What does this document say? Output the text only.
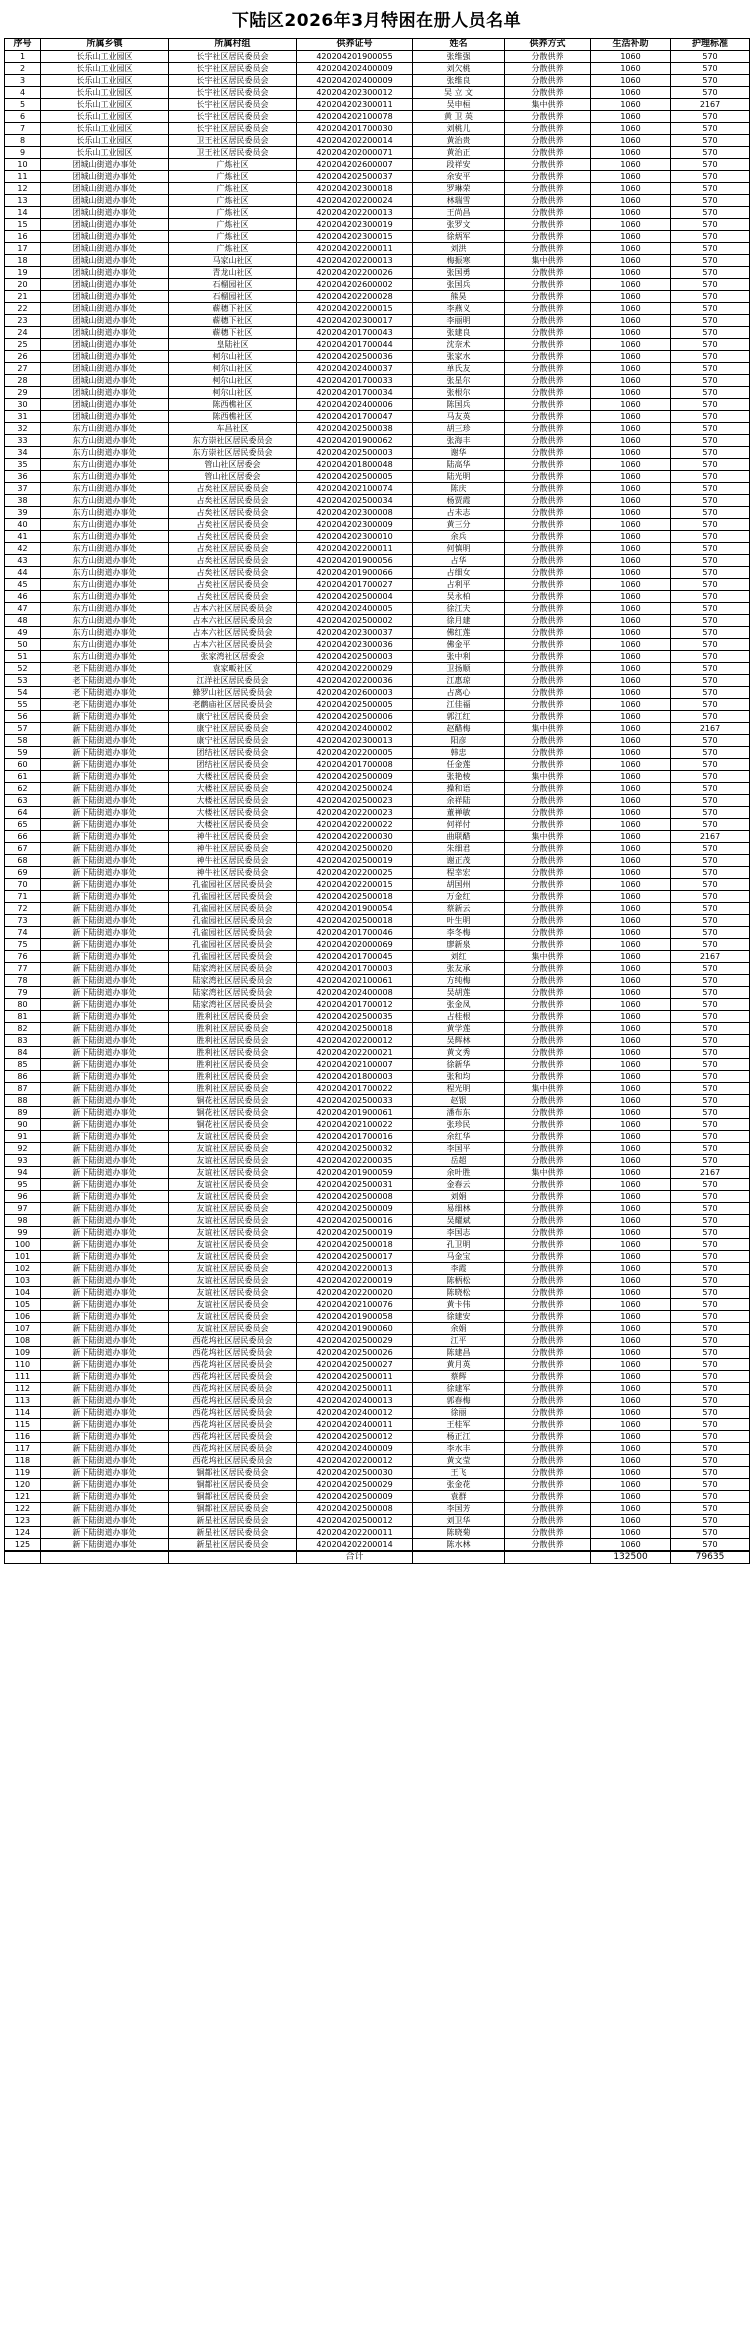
下陆区2026年3月特困在册人员名单
序号	所属乡镇	所属村组	供养证号	姓名	供养方式	生活补助	护理标准
1	长乐山工业园区	长宇社区居民委员会	4202042019000​55	张维强	分散供养	1060	570
2	长乐山工业园区	长宇社区居民委员会	420204202400009	刘欠桃	分散供养	1060	570
3	长乐山工业园区	长宇社区居民委员会	420204202400009	张维良	分散供养	1060	570
4	长乐山工业园区	长宇社区居民委员会	420204202300012	吴 立 文	分散供养	1060	570
5	长乐山工业园区	长宇社区居民委员会	420204202300011	吴申桓	集中供养	1060	2167
6	长乐山工业园区	长宇社区居民委员会	420204202100078	黄 卫 英	分散供养	1060	570
7	长乐山工业园区	长宇社区居民委员会	420204201700030	刘桃儿	分散供养	1060	570
8	长乐山工业园区	卫王社区居民委员会	420204202200014	黄治贵	分散供养	1060	570
9	长乐山工业园区	卫王社区居民委员会	420204202000071	黄治正	分散供养	1060	570
10	团城山街道办事处	广炼社区	420204202600007	段祥安	分散供养	1060	570
11	团城山街道办事处	广炼社区	420204202500037	余安平	分散供养	1060	570
12	团城山街道办事处	广炼社区	420204202300018	罗琳荣	分散供养	1060	570
13	团城山街道办事处	广炼社区	420204202200024	林瑞雪	分散供养	1060	570
14	团城山街道办事处	广炼社区	420204202200013	王尚昌	分散供养	1060	570
15	团城山街道办事处	广炼社区	420204202300019	张罗文	分散供养	1060	570
16	团城山街道办事处	广炼社区	420204202300015	徐炳军	分散供养	1060	570
17	团城山街道办事处	广炼社区	420204202200011	刘洪	分散供养	1060	570
18	团城山街道办事处	马家山社区	420204202200013	梅振寒	集中供养	1060	570
19	团城山街道办事处	青龙山社区	420204202200026	张国勇	分散供养	1060	570
20	团城山街道办事处	石榴园社区	420204202600002	张国兵	分散供养	1060	570
21	团城山街道办事处	石榴园社区	420204202200028	熊昊	分散供养	1060	570
22	团城山街道办事处	蕲穗下社区	420204202200015	李燕义	分散供养	1060	570
23	团城山街道办事处	蕲穗下社区	420204202300017	李丽明	分散供养	1060	570
24	团城山街道办事处	蕲穗下社区	420204201700043	张建良	分散供养	1060	570
25	团城山街道办事处	皇陆社区	420204201700044	沈奈术	分散供养	1060	570
26	团城山街道办事处	柯尔山社区	420204202500036	张家水	分散供养	1060	570
27	团城山街道办事处	柯尔山社区	420204202400037	单氏友	分散供养	1060	570
28	团城山街道办事处	柯尔山社区	420204201700033	张星尔	分散供养	1060	570
29	团城山街道办事处	柯尔山社区	420204201700034	张根尔	分散供养	1060	570
30	团城山街道办事处	陈西樵社区	420204202400006	陈国兵	分散供养	1060	570
31	团城山街道办事处	陈西樵社区	420204201700047	马友英	分散供养	1060	570
32	东方山街道办事处	车昌社区	420204202500038	胡三珍	分散供养	1060	570
33	东方山街道办事处	东方崇社区居民委员会	420204201900062	张海丰	分散供养	1060	570
34	东方山街道办事处	东方崇社区居民委员会	420204202500003	谢华	分散供养	1060	570
35	东方山街道办事处	管山社区居委会	420204201800048	陆高华	分散供养	1060	570
36	东方山街道办事处	管山社区居委会	420204202500005	陆光明	分散供养	1060	570
37	东方山街道办事处	占矣社区居民委员会	420204202100074	陈庆	分散供养	1060	570
38	东方山街道办事处	占矣社区居民委员会	420204202500034	杨贾霞	分散供养	1060	570
39	东方山街道办事处	占矣社区居民委员会	420204202300008	占未志	分散供养	1060	570
40	东方山街道办事处	占矣社区居民委员会	420204202300009	黄三分	分散供养	1060	570
41	东方山街道办事处	占矣社区居民委员会	420204202300010	余兵	分散供养	1060	570
42	东方山街道办事处	占矣社区居民委员会	420204202200011	何慎明	分散供养	1060	570
43	东方山街道办事处	占矣社区居民委员会	420204201900056	占华	分散供养	1060	570
44	东方山街道办事处	占矣社区居民委员会	420204201900066	占细女	分散供养	1060	570
45	东方山街道办事处	占矣社区居民委员会	420204201700027	占利平	分散供养	1060	570
46	东方山街道办事处	占矣社区居民委员会	420204202500004	吴永柏	分散供养	1060	570
47	东方山街道办事处	占本六社区居民委员会	420204202400005	徐江夫	分散供养	1060	570
48	东方山街道办事处	占本六社区居民委员会	420204202500002	徐月建	分散供养	1060	570
49	东方山街道办事处	占本六社区居民委员会	420204202300037	佛红莲	分散供养	1060	570
50	东方山街道办事处	占本六社区居民委员会	420204202300036	佛金平	分散供养	1060	570
51	东方山街道办事处	张家湾社区居委会	420204202500003	张中利	分散供养	1060	570
52	老下陆街道办事处	袁家畈社区	420204202200029	卫扬顺	分散供养	1060	570
53	老下陆街道办事处	江洋社区居民委员会	420204202200036	江惠琼	分散供养	1060	570
54	老下陆街道办事处	蜂罗山社区居民委员会	420204202600003	占离心	分散供养	1060	570
55	老下陆街道办事处	老鹳庙社区居民委员会	420204202500005	江佳福	分散供养	1060	570
56	新下陆街道办事处	康宁社区居民委员会	420204202500006	郭江红	分散供养	1060	570
57	新下陆街道办事处	康宁社区居民委员会	420204202400002	赵醋梅	集中供养	1060	2167
58	新下陆街道办事处	康宁社区居民委员会	420204202300013	阳彦	分散供养	1060	570
59	新下陆街道办事处	团结社区居民委员会	420204202200005	韩忠	分散供养	1060	570
60	新下陆街道办事处	团结社区居民委员会	420204201700008	任金莲	分散供养	1060	570
61	新下陆街道办事处	大楼社区居民委员会	420204202500009	张艳棱	集中供养	1060	570
62	新下陆街道办事处	大楼社区居民委员会	420204202500024	操和语	分散供养	1060	570
63	新下陆街道办事处	大楼社区居民委员会	420204202500023	余祥陆	分散供养	1060	570
64	新下陆街道办事处	大楼社区居民委员会	420204202200023	董禅敏	分散供养	1060	570
65	新下陆街道办事处	大楼社区居民委员会	420204202200022	何祥付	分散供养	1060	570
66	新下陆街道办事处	神牛社区居民委员会	420204202200030	曲联醋	集中供养	1060	2167
67	新下陆街道办事处	神牛社区居民委员会	420204202500020	朱细君	分散供养	1060	570
68	新下陆街道办事处	神牛社区居民委员会	420204202500019	谢正茂	分散供养	1060	570
69	新下陆街道办事处	神牛社区居民委员会	420204202200025	程幸宏	分散供养	1060	570
70	新下陆街道办事处	孔雀园社区居民委员会	420204202200015	胡国州	分散供养	1060	570
71	新下陆街道办事处	孔雀园社区居民委员会	420204202500018	万金红	分散供养	1060	570
72	新下陆街道办事处	孔雀园社区居民委员会	420204201900054	蔡新云	分散供养	1060	570
73	新下陆街道办事处	孔雀园社区居民委员会	420204202500018	叶生明	分散供养	1060	570
74	新下陆街道办事处	孔雀园社区居民委员会	420204201700046	李冬梅	分散供养	1060	570
75	新下陆街道办事处	孔雀园社区居民委员会	420204202000069	廖新泉	分散供养	1060	570
76	新下陆街道办事处	孔雀园社区居民委员会	420204201700045	刘红	集中供养	1060	2167
77	新下陆街道办事处	陆家湾社区居民委员会	420204201700003	张友承	分散供养	1060	570
78	新下陆街道办事处	陆家湾社区居民委员会	420204202100061	方纯梅	分散供养	1060	570
79	新下陆街道办事处	陆家湾社区居民委员会	420204202400008	吴胡莲	分散供养	1060	570
80	新下陆街道办事处	陆家湾社区居民委员会	420204201700012	张金凤	分散供养	1060	570
81	新下陆街道办事处	胜利社区居民委员会	420204202500035	占桂根	分散供养	1060	570
82	新下陆街道办事处	胜利社区居民委员会	420204202500018	黄学莲	分散供养	1060	570
83	新下陆街道办事处	胜利社区居民委员会	420204202200012	吴辉林	分散供养	1060	570
84	新下陆街道办事处	胜利社区居民委员会	420204202200021	黄文秀	分散供养	1060	570
85	新下陆街道办事处	胜利社区居民委员会	420204202100007	徐新华	分散供养	1060	570
86	新下陆街道办事处	胜利社区居民委员会	420204201800003	张和均	分散供养	1060	570
87	新下陆街道办事处	胜利社区居民委员会	420204201700022	程光明	集中供养	1060	570
88	新下陆街道办事处	铜花社区居民委员会	420204202500033	赵银	分散供养	1060	570
89	新下陆街道办事处	铜花社区居民委员会	420204201900061	潘布东	分散供养	1060	570
90	新下陆街道办事处	铜花社区居民委员会	420204202100022	张珍民	分散供养	1060	570
91	新下陆街道办事处	友谊社区居民委员会	420204201700016	余红华	分散供养	1060	570
92	新下陆街道办事处	友谊社区居民委员会	420204202500032	李国平	分散供养	1060	570
93	新下陆街道办事处	友谊社区居民委员会	420204202200035	岳超	分散供养	1060	570
94	新下陆街道办事处	友谊社区居民委员会	420204201900059	余叶胜	集中供养	1060	2167
95	新下陆街道办事处	友谊社区居民委员会	420204202500031	金春云	分散供养	1060	570
96	新下陆街道办事处	友谊社区居民委员会	420204202500008	刘娟	分散供养	1060	570
97	新下陆街道办事处	友谊社区居民委员会	420204202500009	易细林	分散供养	1060	570
98	新下陆街道办事处	友谊社区居民委员会	420204202500016	吴耀斌	分散供养	1060	570
99	新下陆街道办事处	友谊社区居民委员会	420204202500019	李国志	分散供养	1060	570
100	新下陆街道办事处	友谊社区居民委员会	420204202500018	孔卫明	分散供养	1060	570
101	新下陆街道办事处	友谊社区居民委员会	420204202500017	马金宝	分散供养	1060	570
102	新下陆街道办事处	友谊社区居民委员会	420204202200013	李霞	分散供养	1060	570
103	新下陆街道办事处	友谊社区居民委员会	420204202200019	陈柄松	分散供养	1060	570
104	新下陆街道办事处	友谊社区居民委员会	420204202200020	陈晓松	分散供养	1060	570
105	新下陆街道办事处	友谊社区居民委员会	420204202100076	黄卡伟	分散供养	1060	570
106	新下陆街道办事处	友谊社区居民委员会	420204201900058	徐建安	分散供养	1060	570
107	新下陆街道办事处	友谊社区居民委员会	420204201900060	余娟	分散供养	1060	570
108	新下陆街道办事处	西花坞社区居民委员会	420204202500029	江平	分散供养	1060	570
109	新下陆街道办事处	西花坞社区居民委员会	420204202500026	陈建昌	分散供养	1060	570
110	新下陆街道办事处	西花坞社区居民委员会	420204202500027	黄月英	分散供养	1060	570
111	新下陆街道办事处	西花坞社区居民委员会	420204202500011	蔡辉	分散供养	1060	570
112	新下陆街道办事处	西花坞社区居民委员会	420204202500011	徐建军	分散供养	1060	570
113	新下陆街道办事处	西花坞社区居民委员会	420204202400013	郭春梅	分散供养	1060	570
114	新下陆街道办事处	西花坞社区居民委员会	420204202400012	徐丽	分散供养	1060	570
115	新下陆街道办事处	西花坞社区居民委员会	420204202400011	王桂军	分散供养	1060	570
116	新下陆街道办事处	西花坞社区居民委员会	420204202500012	杨正江	分散供养	1060	570
117	新下陆街道办事处	西花坞社区居民委员会	420204202400009	李水丰	分散供养	1060	570
118	新下陆街道办事处	西花坞社区居民委员会	420204202200012	黄文莹	分散供养	1060	570
119	新下陆街道办事处	铜都社区居民委员会	420204202500030	王飞	分散供养	1060	570
120	新下陆街道办事处	铜都社区居民委员会	420204202500029	张金花	分散供养	1060	570
121	新下陆街道办事处	铜都社区居民委员会	420204202500009	袁群	分散供养	1060	570
122	新下陆街道办事处	铜都社区居民委员会	420204202500008	李国芳	分散供养	1060	570
123	新下陆街道办事处	新星社区居民委员会	420204202500012	刘卫华	分散供养	1060	570
124	新下陆街道办事处	新星社区居民委员会	420204202200011	陈晓菊	分散供养	1060	570
125	新下陆街道办事处	新星社区居民委员会	420204202200014	陈水林	分散供养	1060	570
			合计			132500	79635
